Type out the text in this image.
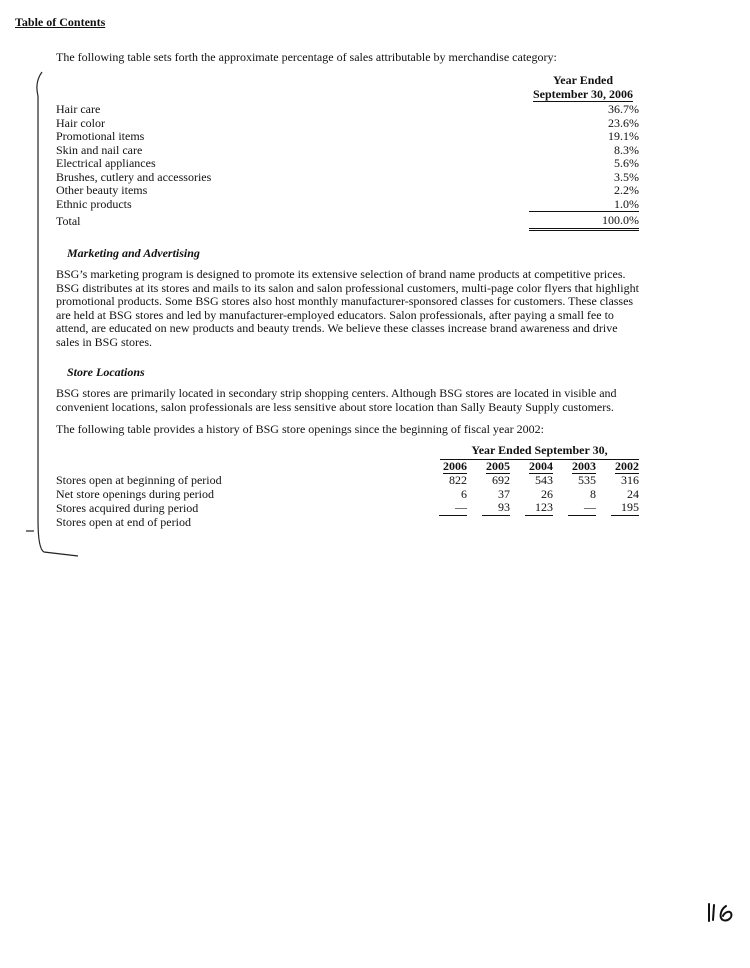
Table of Contents
The following table sets forth the approximate percentage of sales attributable by merchandise category:
Year Ended
September 30, 2006
Hair care	36.7%
Hair color	23.6%
Promotional items	19.1%
Skin and nail care	8.3%
Electrical appliances	5.6%
Brushes, cutlery and accessories	3.5%
Other beauty items	2.2%
Ethnic products	1.0%
Total	100.0%
Marketing and Advertising
BSG’s marketing program is designed to promote its extensive selection of brand name products at competitive prices. BSG distributes at its stores and mails to its salon and salon professional customers, multi-page color flyers that highlight promotional products. Some BSG stores also host monthly manufacturer-sponsored classes for customers. These classes are held at BSG stores and led by manufacturer-employed educators. Salon professionals, after paying a small fee to attend, are educated on new products and beauty trends. We believe these classes increase brand awareness and drive sales in BSG stores.
Store Locations
BSG stores are primarily located in secondary strip shopping centers. Although BSG stores are located in visible and convenient locations, salon professionals are less sensitive about store location than Sally Beauty Supply customers.
The following table provides a history of BSG store openings since the beginning of fiscal year 2002:
Year Ended September 30,
	2006		2005		2004		2003		2002
Stores open at beginning of period	822		692		543		535		316
Net store openings during period	6		37		26		8		24
Stores acquired during period	—		93		123		—		195
Stores open at end of period									
